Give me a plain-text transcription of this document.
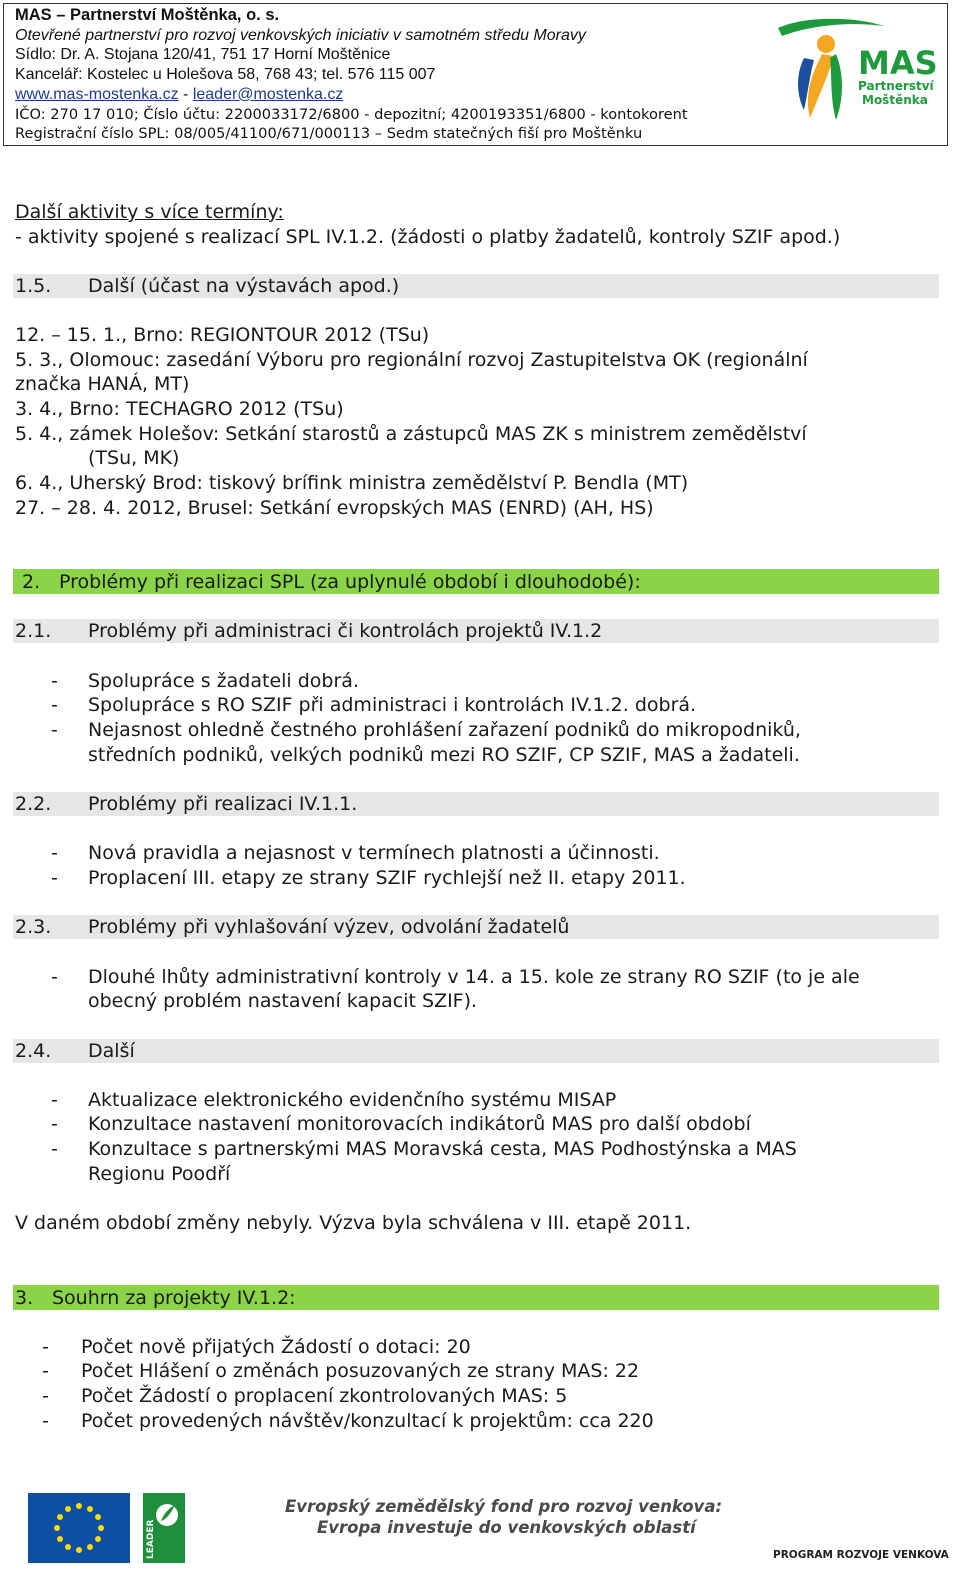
MAS – Partnerství Moštěnka, o. s.
Otevřené partnerství pro rozvoj venkovských iniciativ v samotném středu Moravy
Sídlo: Dr. A. Stojana 120/41, 751 17 Horní Moštěnice
Kancelář: Kostelec u Holešova 58, 768 43; tel. 576 115 007
www.mas-mostenka.cz - leader@mostenka.cz
IČO: 270 17 010; Číslo účtu: 2200033172/6800 - depozitní; 4200193351/6800 - kontokorent
Registrační číslo SPL: 08/005/41100/671/000113 – Sedm statečných fiší pro Moštěnku
MAS
Partnerství
Moštěnka
Další aktivity s více termíny:
- aktivity spojené s realizací SPL IV.1.2. (žádosti o platby žadatelů, kontroly SZIF apod.)
1.5. Další (účast na výstavách apod.)
12. – 15. 1., Brno: REGIONTOUR 2012 (TSu)
5. 3., Olomouc: zasedání Výboru pro regionální rozvoj Zastupitelstva OK (regionální
značka HANÁ, MT)
3. 4., Brno: TECHAGRO 2012 (TSu)
5. 4., zámek Holešov: Setkání starostů a zástupců MAS ZK s ministrem zemědělství
(TSu, MK)
6. 4., Uherský Brod: tiskový brífink ministra zemědělství P. Bendla (MT)
27. – 28. 4. 2012, Brusel: Setkání evropských MAS (ENRD) (AH, HS)
2. Problémy při realizaci SPL (za uplynulé období i dlouhodobé):
2.1. Problémy při administraci či kontrolách projektů IV.1.2
- Spolupráce s žadateli dobrá.
- Spolupráce s RO SZIF při administraci i kontrolách IV.1.2. dobrá.
- Nejasnost ohledně čestného prohlášení zařazení podniků do mikropodniků,
středních podniků, velkých podniků mezi RO SZIF, CP SZIF, MAS a žadateli.
2.2. Problémy při realizaci IV.1.1.
- Nová pravidla a nejasnost v termínech platnosti a účinnosti.
- Proplacení III. etapy ze strany SZIF rychlejší než II. etapy 2011.
2.3. Problémy při vyhlašování výzev, odvolání žadatelů
- Dlouhé lhůty administrativní kontroly v 14. a 15. kole ze strany RO SZIF (to je ale
obecný problém nastavení kapacit SZIF).
2.4. Další
- Aktualizace elektronického evidenčního systému MISAP
- Konzultace nastavení monitorovacích indikátorů MAS pro další období
- Konzultace s partnerskými MAS Moravská cesta, MAS Podhostýnska a MAS
Regionu Poodří
V daném období změny nebyly. Výzva byla schválena v III. etapě 2011.
3. Souhrn za projekty IV.1.2:
- Počet nově přijatých Žádostí o dotaci: 20
- Počet Hlášení o změnách posuzovaných ze strany MAS: 22
- Počet Žádostí o proplacení zkontrolovaných MAS: 5
- Počet provedených návštěv/konzultací k projektům: cca 220
LEADER
Evropský zemědělský fond pro rozvoj venkova:
Evropa investuje do venkovských oblastí
PROGRAM ROZVOJE VENKOVA
